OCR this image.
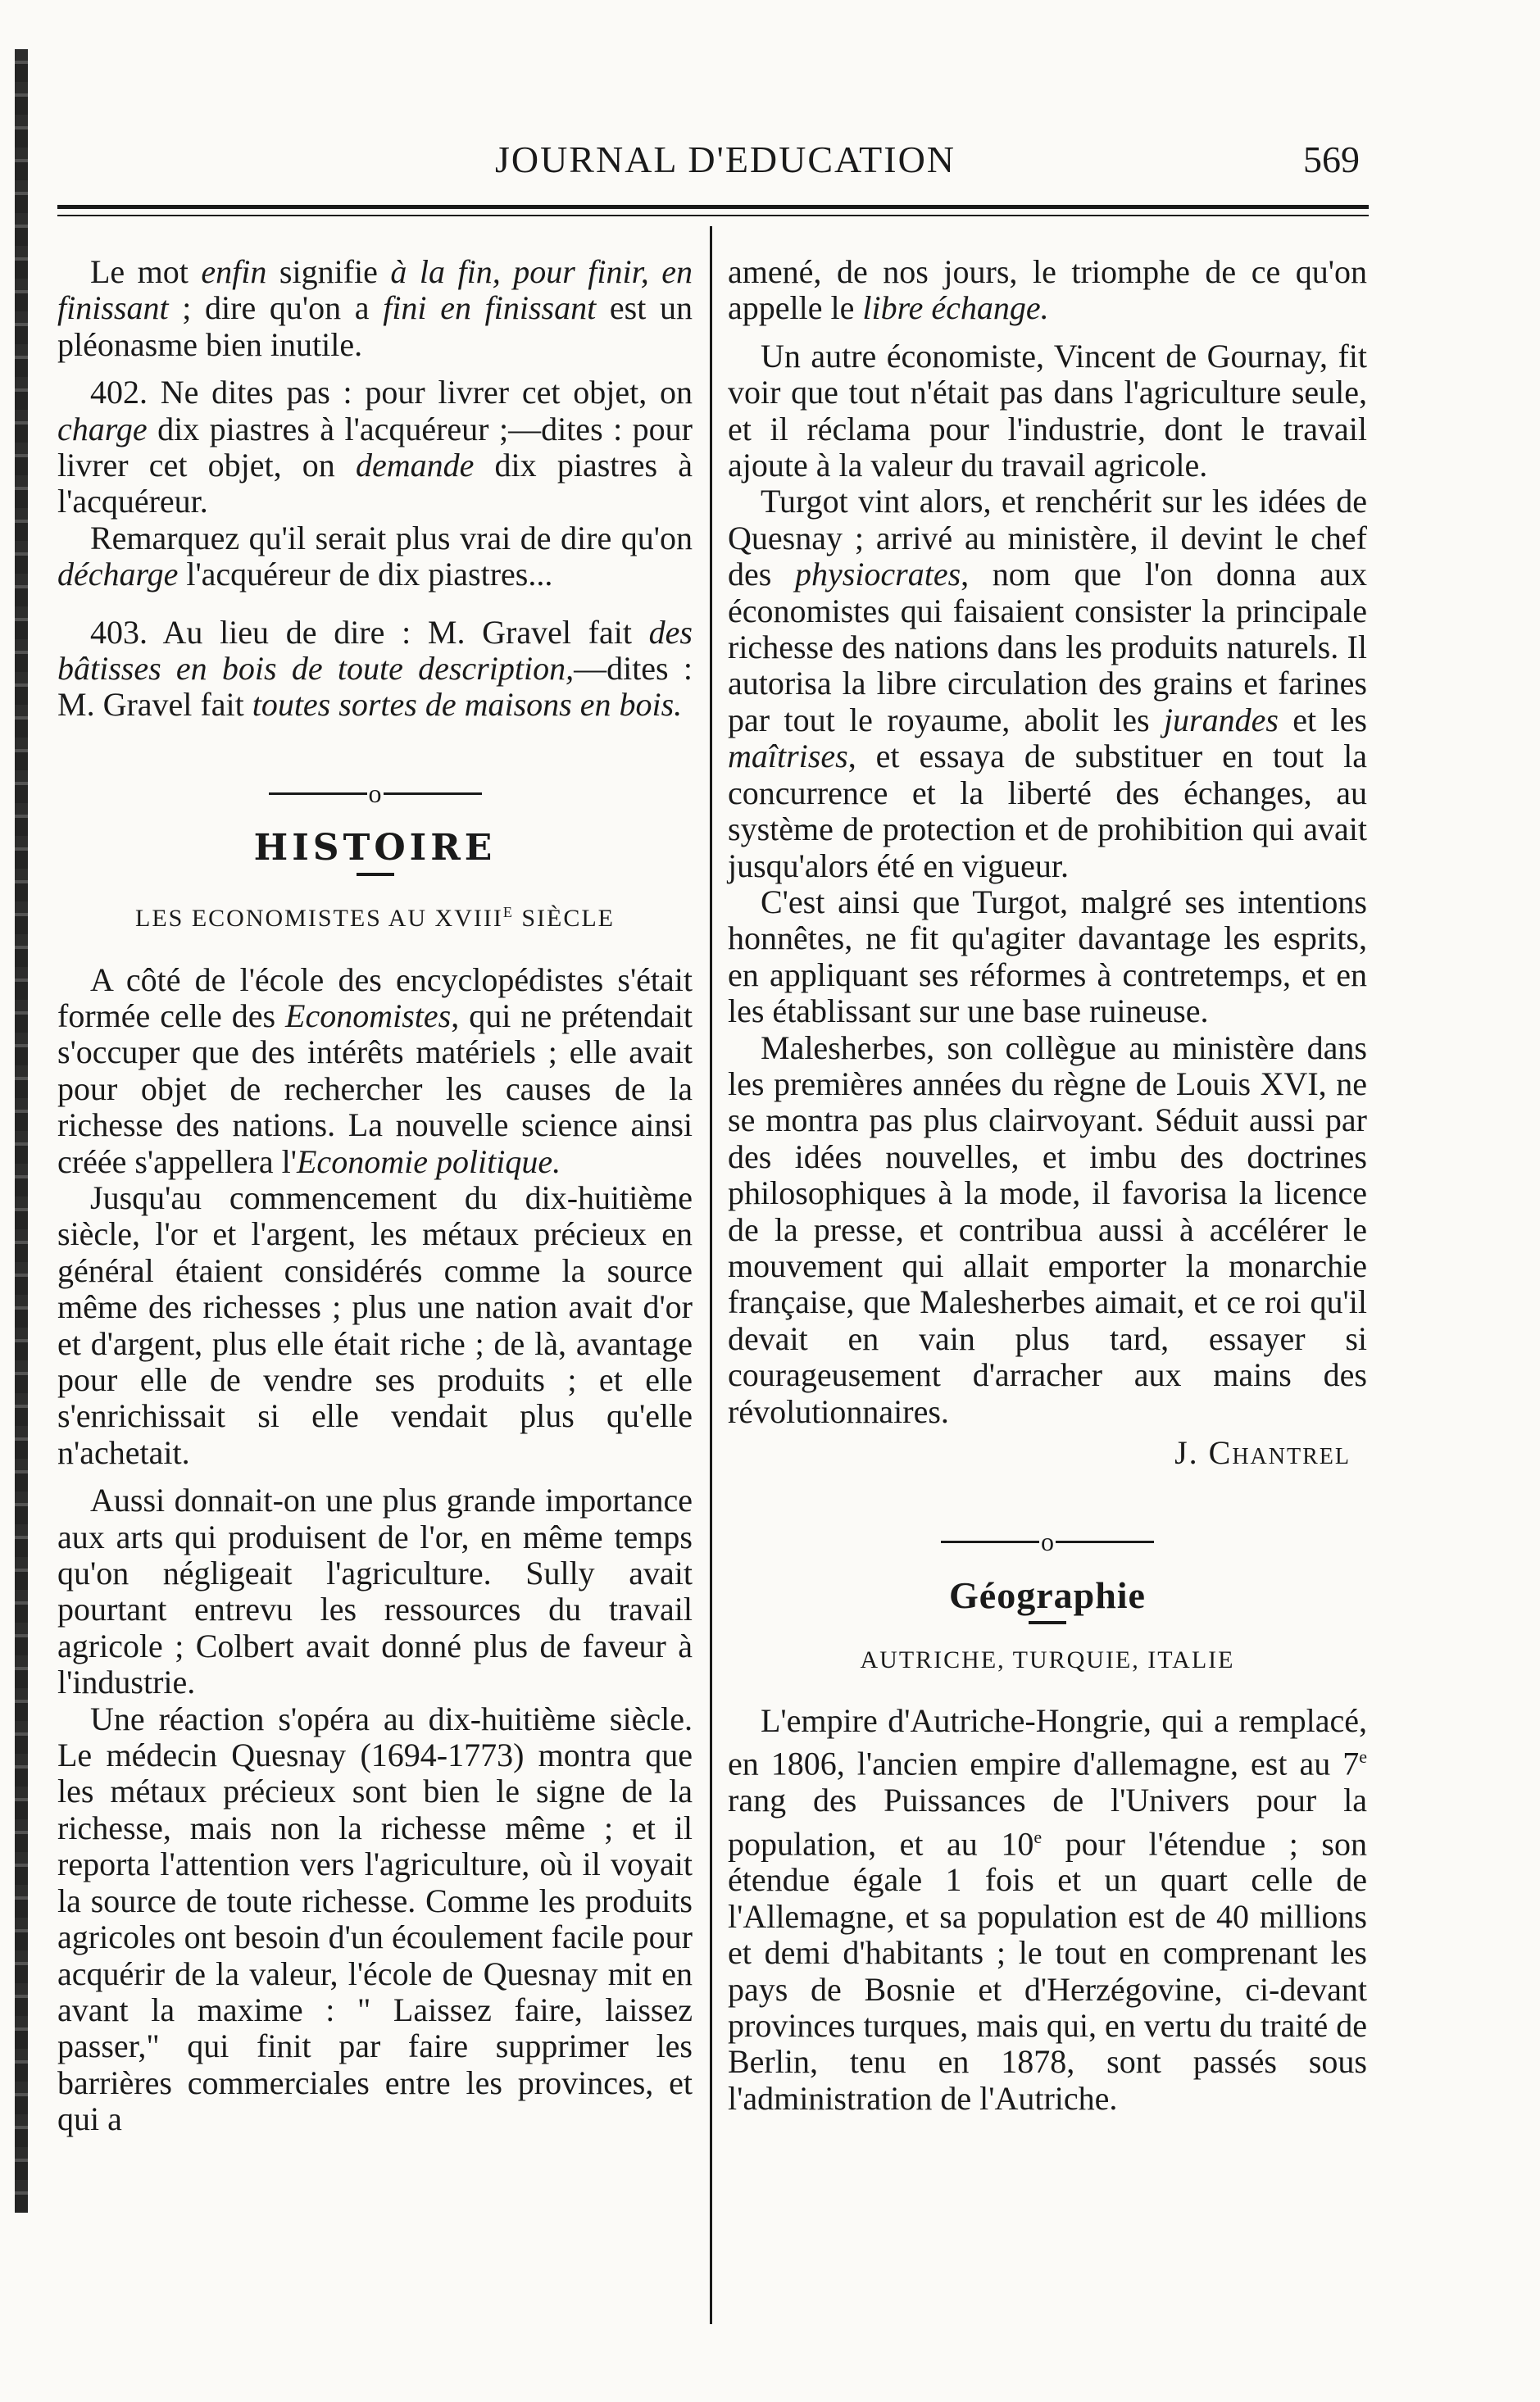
JOURNAL D'EDUCATION	569

Le mot enfin signifie à la fin, pour finir, en finissant ; dire qu'on a fini en finissant est un pléonasme bien inutile.

402. Ne dites pas : pour livrer cet objet, on charge dix piastres à l'acquéreur ;—dites : pour livrer cet objet, on demande dix piastres à l'acquéreur.

Remarquez qu'il serait plus vrai de dire qu'on décharge l'acquéreur de dix piastres...

403. Au lieu de dire : M. Gravel fait des bâtisses en bois de toute description,—dites : M. Gravel fait toutes sortes de maisons en bois.

o
HISTOIRE
LES ECONOMISTES AU $XVIII^E$ SIÈCLE

A côté de l'école des encyclopédistes s'était formée celle des Economistes, qui ne prétendait s'occuper que des intérêts matériels ; elle avait pour objet de rechercher les causes de la richesse des nations. La nouvelle science ainsi créée s'appellera l'Economie politique.

Jusqu'au commencement du dix-huitième siècle, l'or et l'argent, les métaux précieux en général étaient considérés comme la source même des richesses ; plus une nation avait d'or et d'argent, plus elle était riche ; de là, avantage pour elle de vendre ses produits ; et elle s'enrichissait si elle vendait plus qu'elle n'achetait.

Aussi donnait-on une plus grande importance aux arts qui produisent de l'or, en même temps qu'on négligeait l'agriculture. Sully avait pourtant entrevu les ressources du travail agricole ; Colbert avait donné plus de faveur à l'industrie.

Une réaction s'opéra au dix-huitième siècle. Le médecin Quesnay (1694-1773) montra que les métaux précieux sont bien le signe de la richesse, mais non la richesse même ; et il reporta l'attention vers l'agriculture, où il voyait la source de toute richesse. Comme les produits agricoles ont besoin d'un écoulement facile pour acquérir de la valeur, l'école de Quesnay mit en avant la maxime : " Laissez faire, laissez passer," qui finit par faire supprimer les barrières commerciales entre les provinces, et qui a

amené, de nos jours, le triomphe de ce qu'on appelle le libre échange.

Un autre économiste, Vincent de Gournay, fit voir que tout n'était pas dans l'agriculture seule, et il réclama pour l'industrie, dont le travail ajoute à la valeur du travail agricole.

Turgot vint alors, et renchérit sur les idées de Quesnay ; arrivé au ministère, il devint le chef des physiocrates, nom que l'on donna aux économistes qui faisaient consister la principale richesse des nations dans les produits naturels. Il autorisa la libre circulation des grains et farines par tout le royaume, abolit les jurandes et les maîtrises, et essaya de substituer en tout la concurrence et la liberté des échanges, au système de protection et de prohibition qui avait jusqu'alors été en vigueur.

C'est ainsi que Turgot, malgré ses intentions honnêtes, ne fit qu'agiter davantage les esprits, en appliquant ses réformes à contretemps, et en les établissant sur une base ruineuse.

Malesherbes, son collègue au ministère dans les premières années du règne de Louis XVI, ne se montra pas plus clairvoyant. Séduit aussi par des idées nouvelles, et imbu des doctrines philosophiques à la mode, il favorisa la licence de la presse, et contribua aussi à accélérer le mouvement qui allait emporter la monarchie française, que Malesherbes aimait, et ce roi qu'il devait en vain plus tard, essayer si courageusement d'arracher aux mains des révolutionnaires.

J. Chantrel
o
Géographie
AUTRICHE, TURQUIE, ITALIE

L'empire d'Autriche-Hongrie, qui a remplacé, en 1806, l'ancien empire d'allemagne, est au 7e rang des Puissances de l'Univers pour la population, et au 10e pour l'étendue ; son étendue égale 1 fois et un quart celle de l'Allemagne, et sa population est de 40 millions et demi d'habitants ; le tout en comprenant les pays de Bosnie et d'Herzégovine, ci-devant provinces turques, mais qui, en vertu du traité de Berlin, tenu en 1878, sont passés sous l'administration de l'Autriche.
